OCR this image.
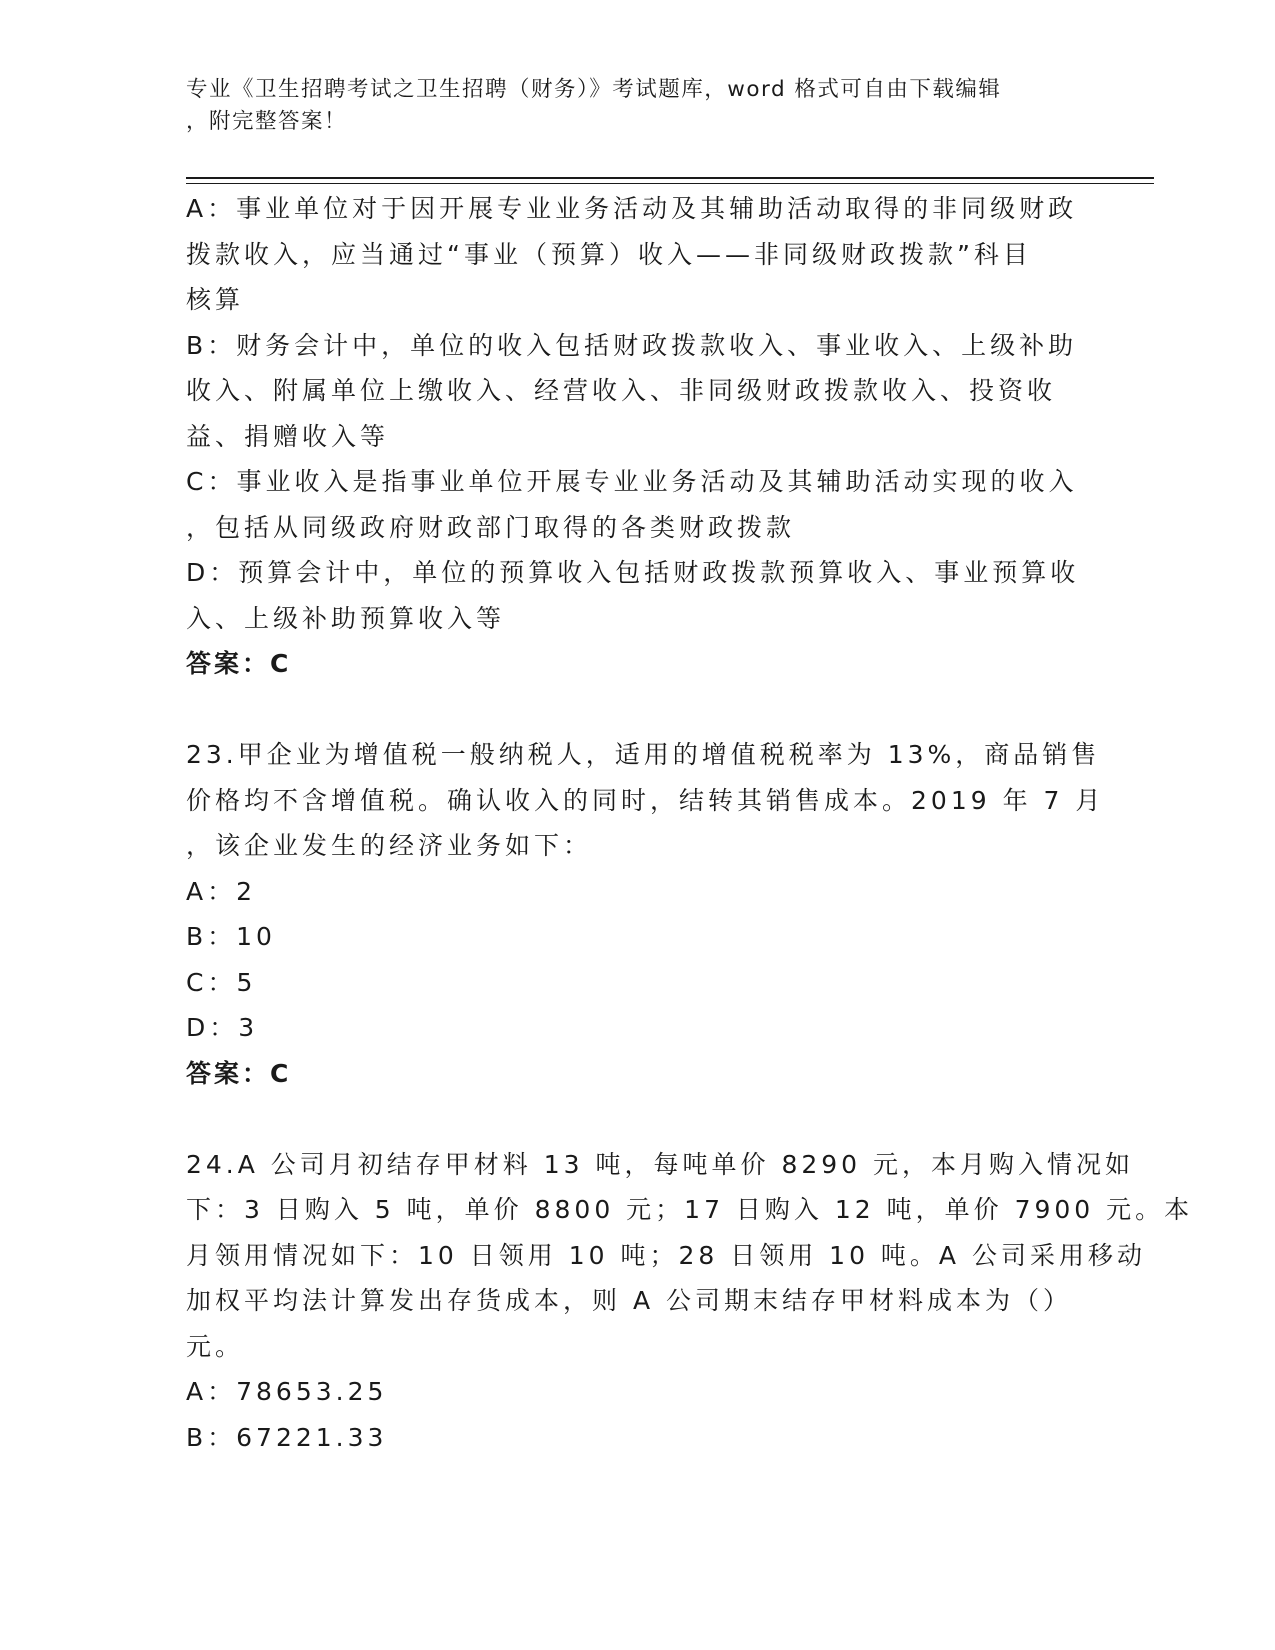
专业《卫生招聘考试之卫生招聘（财务）》考试题库，word 格式可自由下载编辑
，附完整答案！
A：事业单位对于因开展专业业务活动及其辅助活动取得的非同级财政
拨款收入，应当通过“事业（预算）收入——非同级财政拨款”科目
核算
B：财务会计中，单位的收入包括财政拨款收入、事业收入、上级补助
收入、附属单位上缴收入、经营收入、非同级财政拨款收入、投资收
益、捐赠收入等
C：事业收入是指事业单位开展专业业务活动及其辅助活动实现的收入
，包括从同级政府财政部门取得的各类财政拨款
D：预算会计中，单位的预算收入包括财政拨款预算收入、事业预算收
入、上级补助预算收入等
答案：C
23.甲企业为增值税一般纳税人，适用的增值税税率为 13%，商品销售
价格均不含增值税。确认收入的同时，结转其销售成本。2019 年 7 月
，该企业发生的经济业务如下：
A：2
B：10
C：5
D：3
答案：C
24.A 公司月初结存甲材料 13 吨，每吨单价 8290 元，本月购入情况如
下：3 日购入 5 吨，单价 8800 元；17 日购入 12 吨，单价 7900 元。本
月领用情况如下：10 日领用 10 吨；28 日领用 10 吨。A 公司采用移动
加权平均法计算发出存货成本，则 A 公司期末结存甲材料成本为（）
元。
A：78653.25
B：67221.33
